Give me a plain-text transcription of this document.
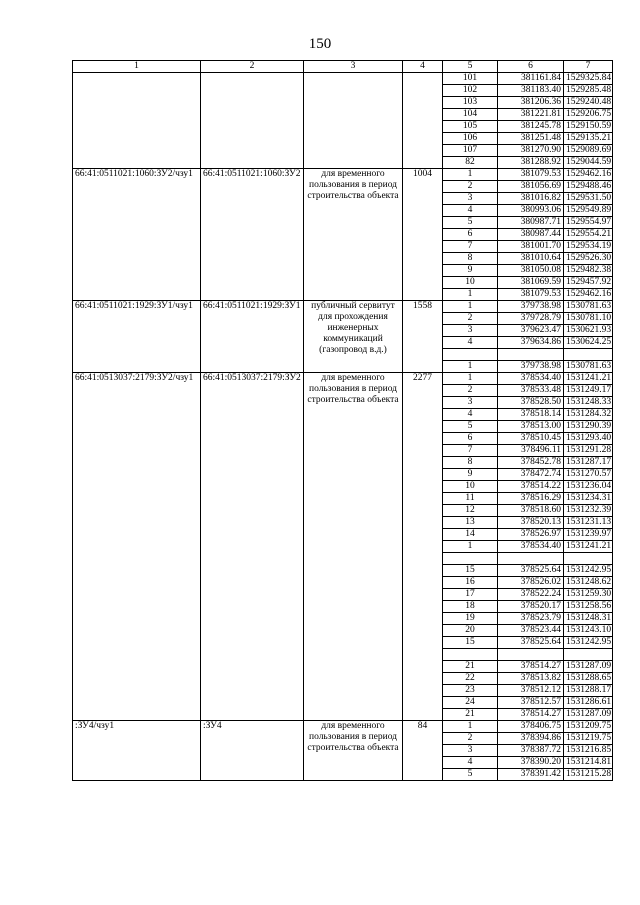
150
1	2	3	4	5	6	7
				101	381161.84	1529325.84
				102	381183.40	1529285.48
				103	381206.36	1529240.48
				104	381221.81	1529206.75
				105	381245.78	1529150.59
				106	381251.48	1529135.21
				107	381270.90	1529089.69
				82	381288.92	1529044.59
66:41:0511021:1060:ЗУ2/чзу1	66:41:0511021:1060:ЗУ2	для временного пользования в период строительства объекта	1004	1	381079.53	1529462.16
				2	381056.69	1529488.46
				3	381016.82	1529531.50
				4	380993.06	1529549.89
				5	380987.71	1529554.97
				6	380987.44	1529554.21
				7	381001.70	1529534.19
				8	381010.64	1529526.30
				9	381050.08	1529482.38
				10	381069.59	1529457.92
				1	381079.53	1529462.16
66:41:0511021:1929:ЗУ1/чзу1	66:41:0511021:1929:ЗУ1	публичный сервитут для прохождения инженерных коммуникаций (газопровод в.д.)	1558	1	379738.98	1530781.63
				2	379728.79	1530781.10
				3	379623.47	1530621.93
				4	379634.86	1530624.25

				1	379738.98	1530781.63
66:41:0513037:2179:ЗУ2/чзу1	66:41:0513037:2179:ЗУ2	для временного пользования в период строительства объекта	2277	1	378534.40	1531241.21
				2	378533.48	1531249.17
				3	378528.50	1531248.33
				4	378518.14	1531284.32
				5	378513.00	1531290.39
				6	378510.45	1531293.40
				7	378496.11	1531291.28
				8	378452.78	1531287.17
				9	378472.74	1531270.57
				10	378514.22	1531236.04
				11	378516.29	1531234.31
				12	378518.60	1531232.39
				13	378520.13	1531231.13
				14	378526.97	1531239.97
				1	378534.40	1531241.21

				15	378525.64	1531242.95
				16	378526.02	1531248.62
				17	378522.24	1531259.30
				18	378520.17	1531258.56
				19	378523.79	1531248.31
				20	378523.44	1531243.10
				15	378525.64	1531242.95

				21	378514.27	1531287.09
				22	378513.82	1531288.65
				23	378512.12	1531288.17
				24	378512.57	1531286.61
				21	378514.27	1531287.09
:ЗУ4/чзу1	:ЗУ4	для временного пользования в период строительства объекта	84	1	378406.75	1531209.75
				2	378394.86	1531219.75
				3	378387.72	1531216.85
				4	378390.20	1531214.81
				5	378391.42	1531215.28
